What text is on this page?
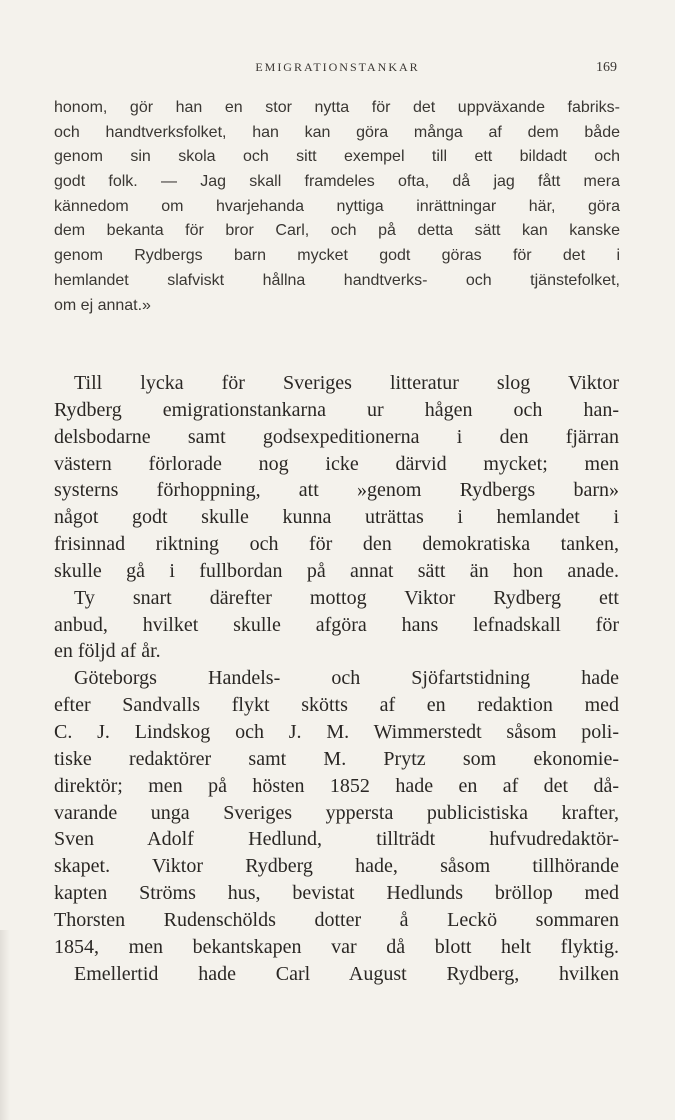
EMIGRATIONSTANKAR	169
honom, gör han en stor nytta för det uppväxande fabriks-
och handtverksfolket, han kan göra många af dem både
genom sin skola och sitt exempel till ett bildadt och
godt folk. — Jag skall framdeles ofta, då jag fått mera
kännedom om hvarjehanda nyttiga inrättningar här, göra
dem bekanta för bror Carl, och på detta sätt kan kanske
genom Rydbergs barn mycket godt göras för det i
hemlandet slafviskt hållna handtverks- och tjänstefolket,
om ej annat.»
Till lycka för Sveriges litteratur slog Viktor
Rydberg emigrationstankarna ur hågen och han-
delsbodarne samt godsexpeditionerna i den fjärran
västern förlorade nog icke därvid mycket; men
systerns förhoppning, att »genom Rydbergs barn»
något godt skulle kunna uträttas i hemlandet i
frisinnad riktning och för den demokratiska tanken,
skulle gå i fullbordan på annat sätt än hon anade.
Ty snart därefter mottog Viktor Rydberg ett
anbud, hvilket skulle afgöra hans lefnadskall för
en följd af år.
Göteborgs Handels- och Sjöfartstidning hade
efter Sandvalls flykt skötts af en redaktion med
C. J. Lindskog och J. M. Wimmerstedt såsom poli-
tiske redaktörer samt M. Prytz som ekonomie-
direktör; men på hösten 1852 hade en af det då-
varande unga Sveriges yppersta publicistiska krafter,
Sven Adolf Hedlund, tillträdt hufvudredaktör-
skapet. Viktor Rydberg hade, såsom tillhörande
kapten Ströms hus, bevistat Hedlunds bröllop med
Thorsten Rudenschölds dotter å Leckö sommaren
1854, men bekantskapen var då blott helt flyktig.
Emellertid hade Carl August Rydberg, hvilken
